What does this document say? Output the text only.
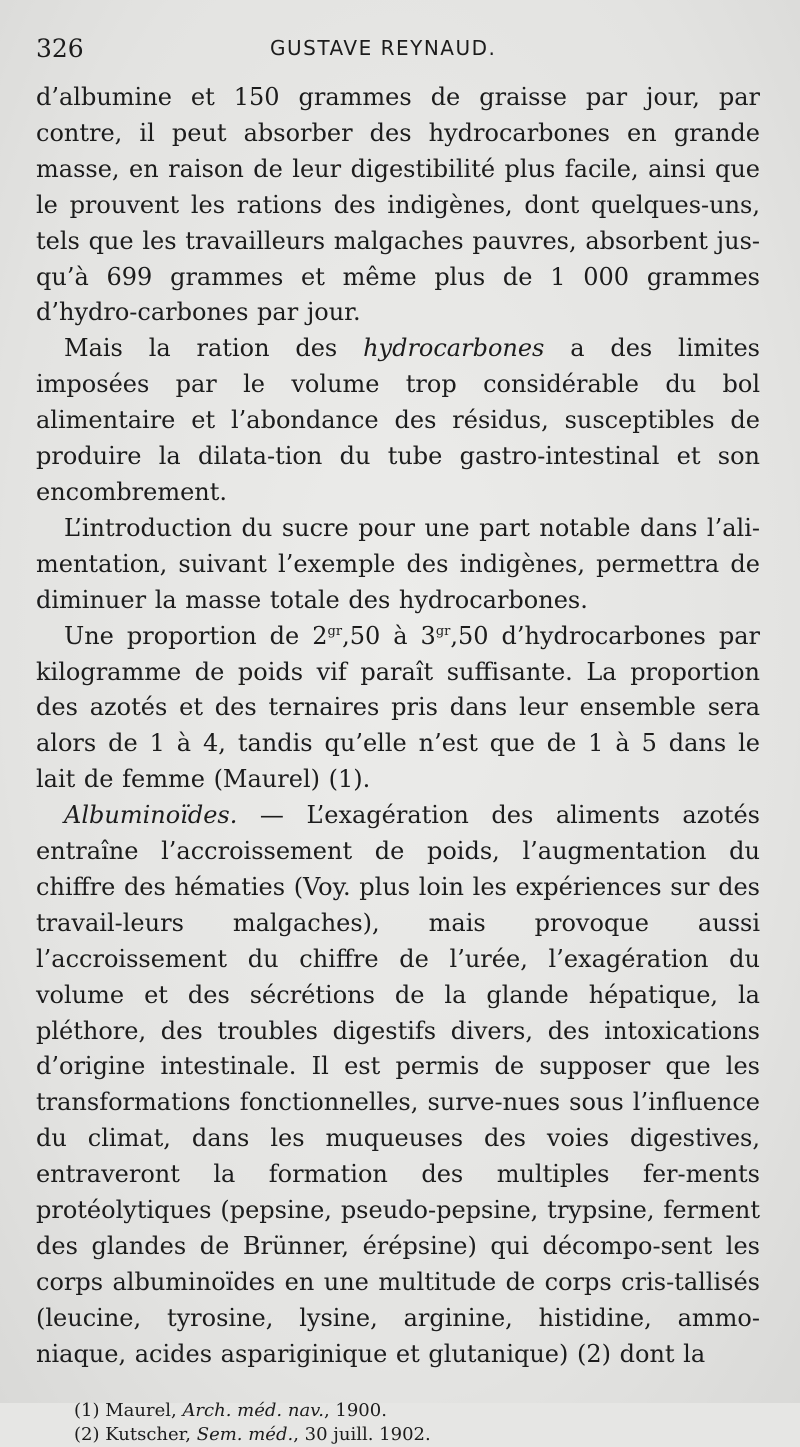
326	GUSTAVE REYNAUD.

d’albumine et 150 grammes de graisse par jour, par contre, il peut absorber des hydrocarbones en grande masse, en raison de leur digestibilité plus facile, ainsi que le prouvent les rations des indigènes, dont quelques-uns, tels que les travailleurs malgaches pauvres, absorbent jus-qu’à 699 grammes et même plus de 1 000 grammes d’hydro-carbones par jour.

Mais la ration des hydrocarbones a des limites imposées par le volume trop considérable du bol alimentaire et l’abondance des résidus, susceptibles de produire la dilata-tion du tube gastro-intestinal et son encombrement.

L’introduction du sucre pour une part notable dans l’ali-mentation, suivant l’exemple des indigènes, permettra de diminuer la masse totale des hydrocarbones.

Une proportion de $2^{gr},50$ à $3^{gr},50$ d’hydrocarbones par kilogramme de poids vif paraît suffisante. La proportion des azotés et des ternaires pris dans leur ensemble sera alors de 1 à 4, tandis qu’elle n’est que de 1 à 5 dans le lait de femme (Maurel) (1).

Albuminoïdes. — L’exagération des aliments azotés entraîne l’accroissement de poids, l’augmentation du chiffre des hématies (Voy. plus loin les expériences sur des travail-leurs malgaches), mais provoque aussi l’accroissement du chiffre de l’urée, l’exagération du volume et des sécrétions de la glande hépatique, la pléthore, des troubles digestifs divers, des intoxications d’origine intestinale. Il est permis de supposer que les transformations fonctionnelles, surve-nues sous l’influence du climat, dans les muqueuses des voies digestives, entraveront la formation des multiples fer-ments protéolytiques (pepsine, pseudo-pepsine, trypsine, ferment des glandes de Brünner, érépsine) qui décompo-sent les corps albuminoïdes en une multitude de corps cris-tallisés (leucine, tyrosine, lysine, arginine, histidine, ammo-niaque, acides aspariginique et glutanique) (2) dont la

(1) Maurel, Arch. méd. nav., 1900.

(2) Kutscher, Sem. méd., 30 juill. 1902.
